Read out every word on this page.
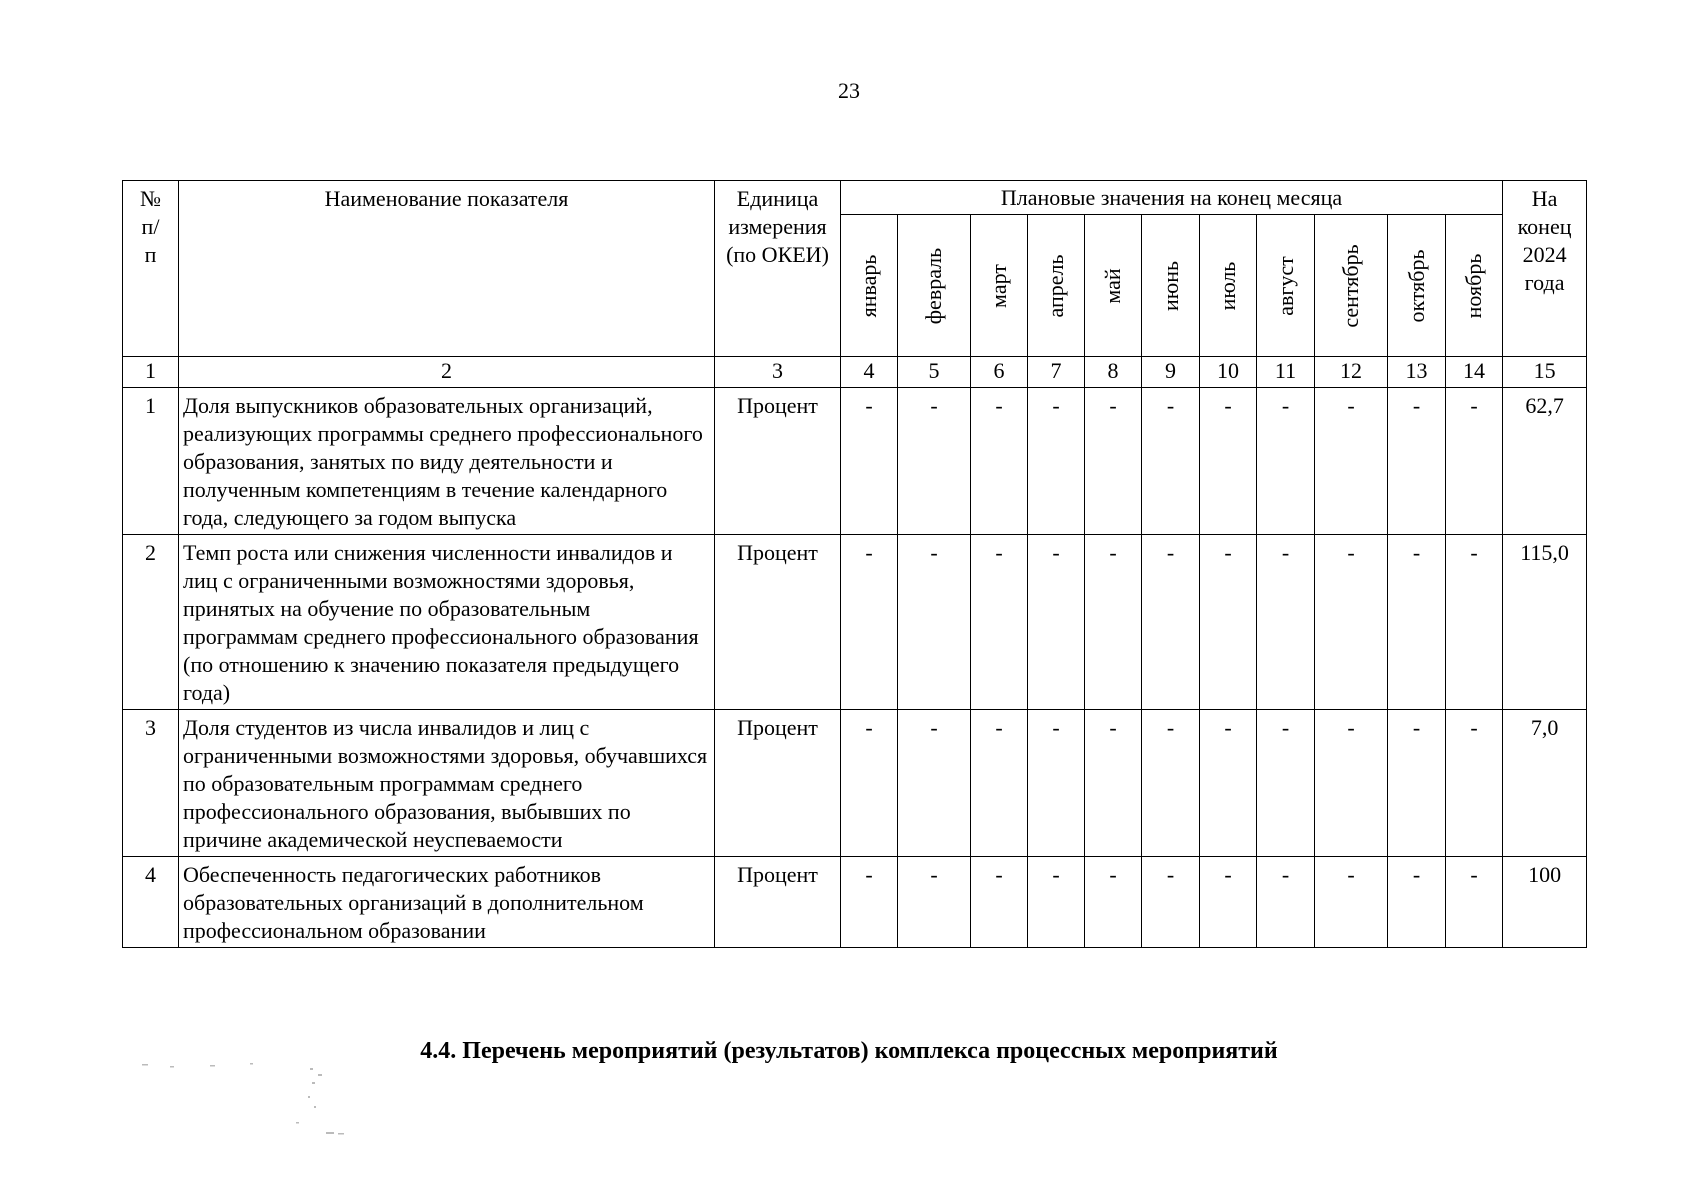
23
№ п/п	Наименование показателя	Единица измерения (по ОКЕИ)	Плановые значения на конец месяца											На конец 2024 года

			январь	февраль	март	апрель	май	июнь	июль	август	сентябрь	октябрь	ноябрь	

1	2	3	4	5	6	7	8	9	10	11	12	13	14	15
1	Доля выпускников образовательных организаций, реализующих программы среднего профессионального образования, занятых по виду деятельности и полученным компетенциям в течение календарного года, следующего за годом выпуска	Процент	-	-	-	-	-	-	-	-	-	-	-	62,7
2	Темп роста или снижения численности инвалидов и лиц с ограниченными возможностями здоровья, принятых на обучение по образовательным программам среднего профессионального образования (по отношению к значению показателя предыдущего года)	Процент	-	-	-	-	-	-	-	-	-	-	-	115,0
3	Доля студентов из числа инвалидов и лиц с ограниченными возможностями здоровья, обучавшихся по образовательным программам среднего профессионального образования, выбывших по причине академической неуспеваемости	Процент	-	-	-	-	-	-	-	-	-	-	-	7,0
4	Обеспеченность педагогических работников образовательных организаций в дополнительном профессиональном образовании	Процент	-	-	-	-	-	-	-	-	-	-	-	100
4.4. Перечень мероприятий (результатов) комплекса процессных мероприятий
